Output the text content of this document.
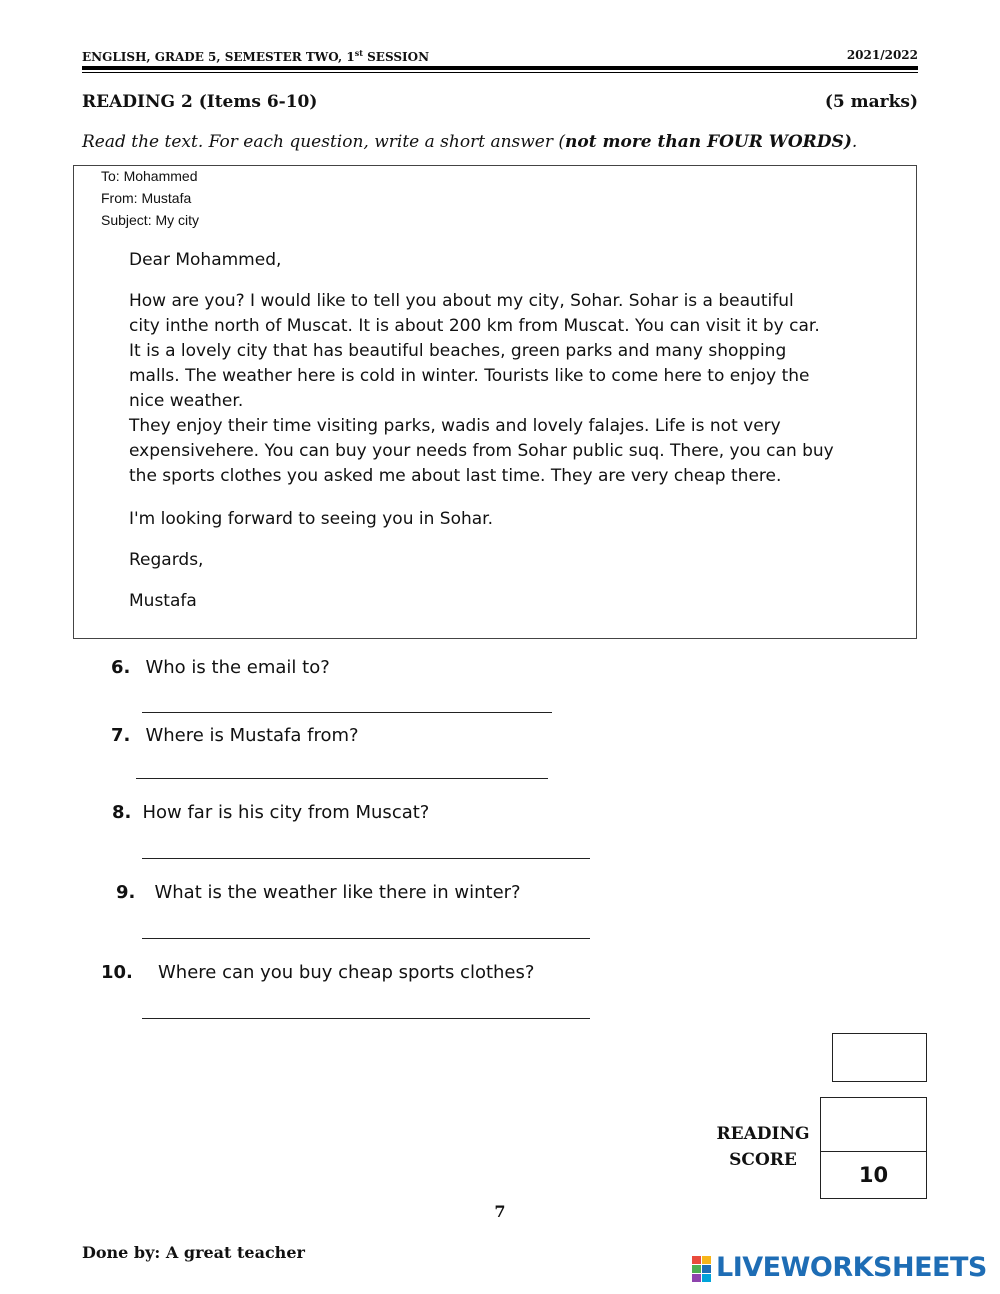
ENGLISH, GRADE 5, SEMESTER TWO, 1st SESSION	2021/2022
READING 2 (Items 6-10)	(5 marks)
Read the text. For each question, write a short answer (not more than FOUR WORDS).
To: Mohammed
From: Mustafa
Subject: My city
Dear Mohammed,
How are you? I would like to tell you about my city, Sohar. Sohar is a beautiful
city inthe north of Muscat. It is about 200 km from Muscat. You can visit it by car.
It is a lovely city that has beautiful beaches, green parks and many shopping
malls. The weather here is cold in winter. Tourists like to come here to enjoy the
nice weather.
They enjoy their time visiting parks, wadis and lovely falajes. Life is not very
expensivehere. You can buy your needs from Sohar public suq. There, you can buy
the sports clothes you asked me about last time. They are very cheap there.
I'm looking forward to seeing you in Sohar.
Regards,
Mustafa
6. Who is the email to?
7. Where is Mustafa from?
8. How far is his city from Muscat?
9. What is the weather like there in winter?
10. Where can you buy cheap sports clothes?
10
READING
SCORE
7
Done by: A great teacher	LIVEWORKSHEETS
